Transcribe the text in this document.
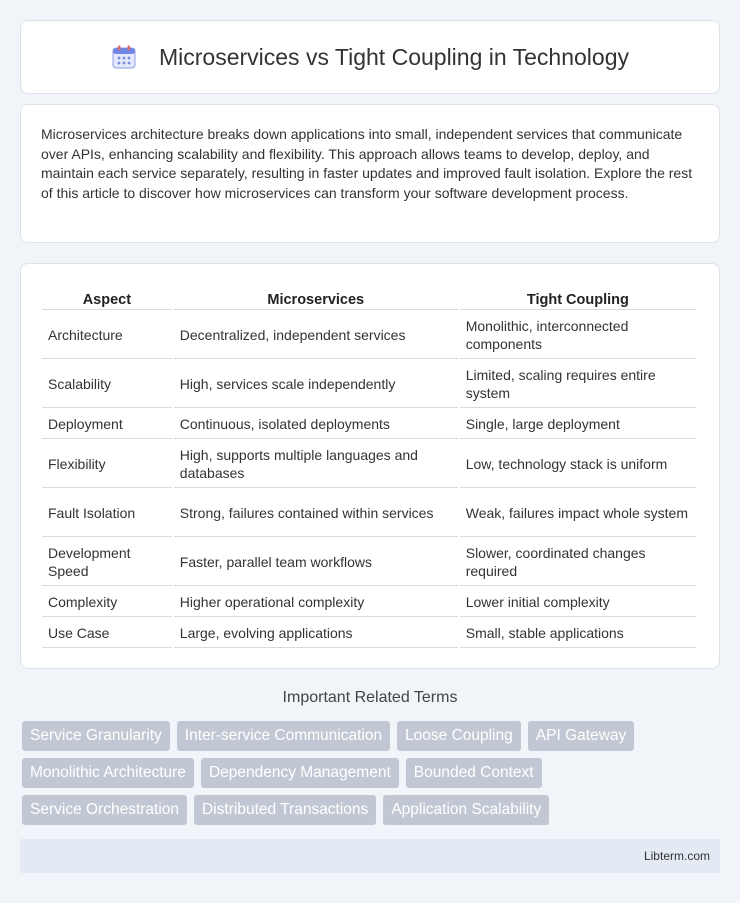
Microservices vs Tight Coupling in Technology

Microservices architecture breaks down applications into small, independent services that communicate over APIs, enhancing scalability and flexibility. This approach allows teams to develop, deploy, and maintain each service separately, resulting in faster updates and improved fault isolation. Explore the rest of this article to discover how microservices can transform your software development process.

Aspect	Microservices	Tight Coupling
Architecture	Decentralized, independent services	Monolithic, interconnected components
Scalability	High, services scale independently	Limited, scaling requires entire system
Deployment	Continuous, isolated deployments	Single, large deployment
Flexibility	High, supports multiple languages and databases	Low, technology stack is uniform
Fault Isolation	Strong, failures contained within services	Weak, failures impact whole system
Development Speed	Faster, parallel team workflows	Slower, coordinated changes required
Complexity	Higher operational complexity	Lower initial complexity
Use Case	Large, evolving applications	Small, stable applications
Important Related Terms
Service Granularity	Inter-service Communication	Loose Coupling	API Gateway
Monolithic Architecture	Dependency Management	Bounded Context
Service Orchestration	Distributed Transactions	Application Scalability
Libterm.com
